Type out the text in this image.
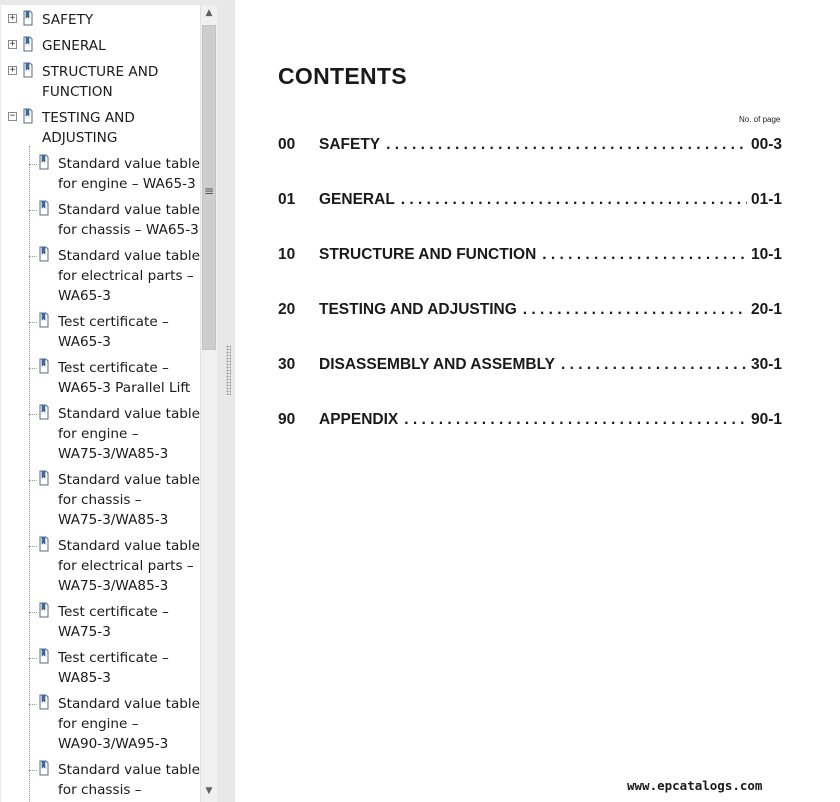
+ SAFETY
+ GENERAL
+ STRUCTURE AND
FUNCTION
− TESTING AND
ADJUSTING
Standard value table
for engine – WA65-3
Standard value table
for chassis – WA65-3
Standard value table
for electrical parts –
WA65-3
Test certificate –
WA65-3
Test certificate –
WA65-3 Parallel Lift
Standard value table
for engine –
WA75-3/WA85-3
Standard value table
for chassis –
WA75-3/WA85-3
Standard value table
for electrical parts –
WA75-3/WA85-3
Test certificate –
WA75-3
Test certificate –
WA85-3
Standard value table
for engine –
WA90-3/WA95-3
Standard value table
for chassis –
▲
≡
▼
CONTENTS
No. of page
00 SAFETY . . .	00-3
01 GENERAL . . .	01-1
10 STRUCTURE AND FUNCTION . . .	10-1
20 TESTING AND ADJUSTING . . .	20-1
30 DISASSEMBLY AND ASSEMBLY . . .	30-1
90 APPENDIX . . .	90-1
www.epcatalogs.com
